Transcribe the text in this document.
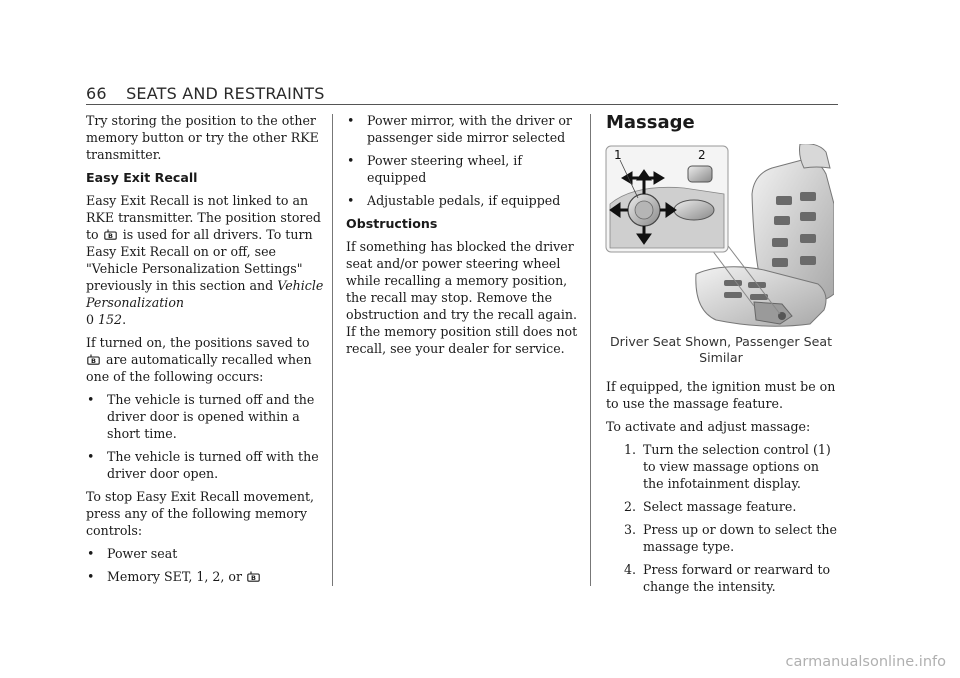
66 SEATS AND RESTRAINTS

Try storing the position to the other memory button or try the other RKE transmitter.

Easy Exit Recall

Easy Exit Recall is not linked to an RKE transmitter. The position stored to B is used for all drivers. To turn Easy Exit Recall on or off, see "Vehicle Personalization Settings" previously in this section and Vehicle Personalization
0 152.

If turned on, the positions saved to

B are automatically recalled when one of the following occurs:

• The vehicle is turned off and the driver door is opened within a short time.
• The vehicle is turned off with the driver door open.

To stop Easy Exit Recall movement, press any of the following memory controls:

• Power seat
• Memory SET, 1, 2, or B
• Power mirror, with the driver or passenger side mirror selected
• Power steering wheel, if equipped
• Adjustable pedals, if equipped
Obstructions

If something has blocked the driver seat and/or power steering wheel while recalling a memory position, the recall may stop. Remove the obstruction and try the recall again. If the memory position still does not recall, see your dealer for service.

Massage
1	2
Driver Seat Shown, Passenger Seat Similar

If equipped, the ignition must be on to use the massage feature.

To activate and adjust massage:

1. Turn the selection control (1) to view massage options on the infotainment display.
2. Select massage feature.
3. Press up or down to select the massage type.
4. Press forward or rearward to change the intensity.
carmanualsonline.info
